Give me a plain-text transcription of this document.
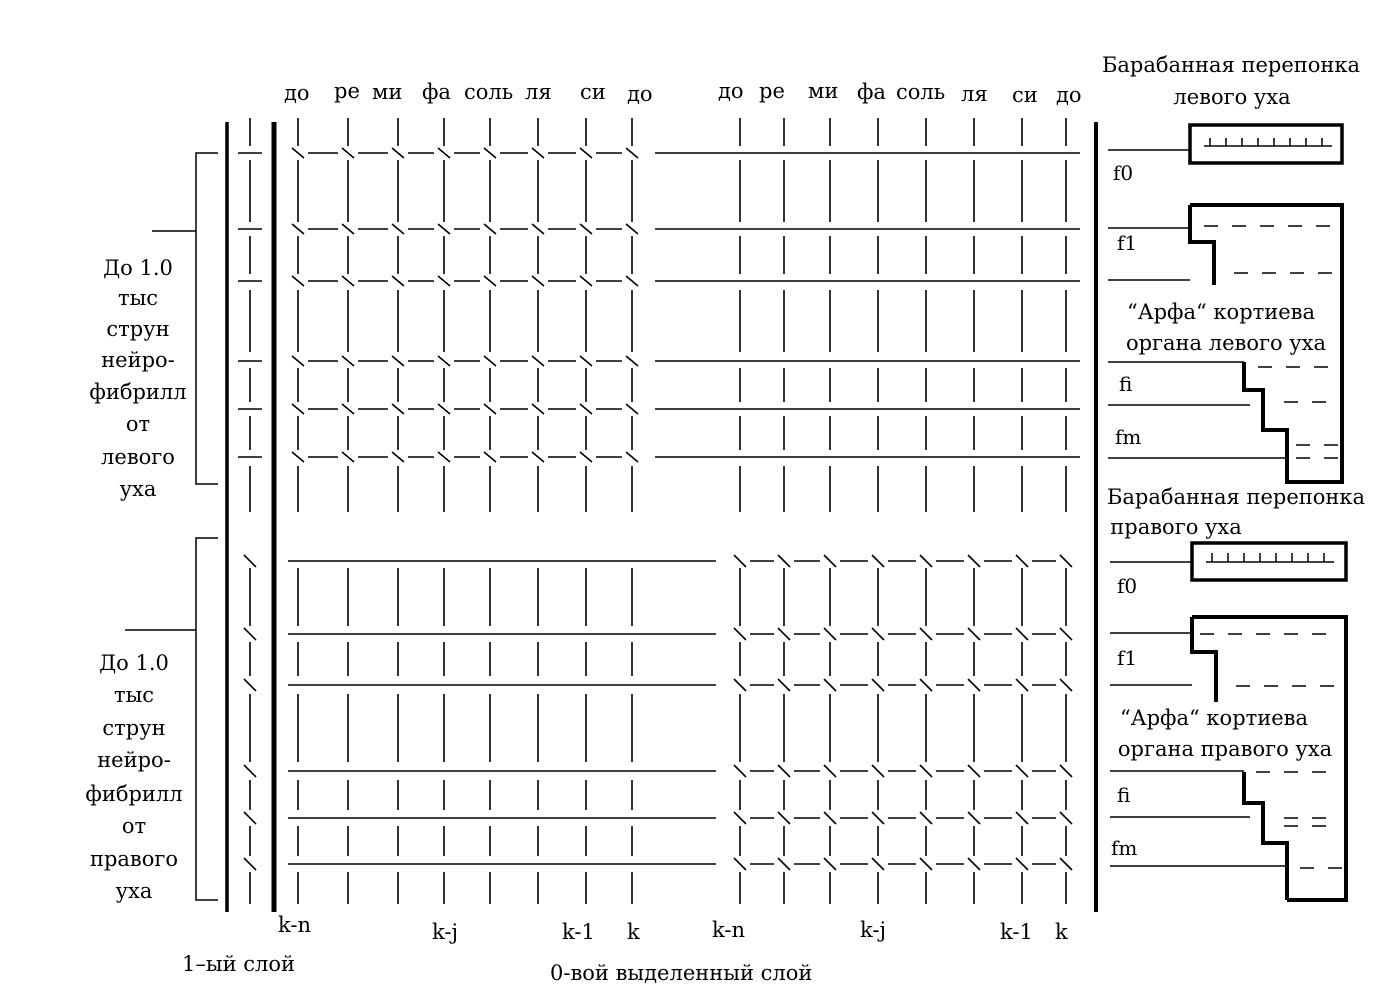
до ре ми фа соль ля си до	до ре ми фа соль ля си до
До 1.0
тыс
струн
нейро-
фибрилл
от
левого
уха
До 1.0
тыс
струн
нейро-
фибрилл
от
правого
уха
Барабанная перепонка
левого уха
“Арфа“ кортиева
органа левого уха
Барабанная перепонка
правого уха
“Арфа“ кортиева
органа правого уха
f0
f1
fi
fm
f0
f1
fi
fm
k-n	k-j	k-1 k	k-n	k-j	k-1 k
1–ый слой	0-вой выделенный слой
